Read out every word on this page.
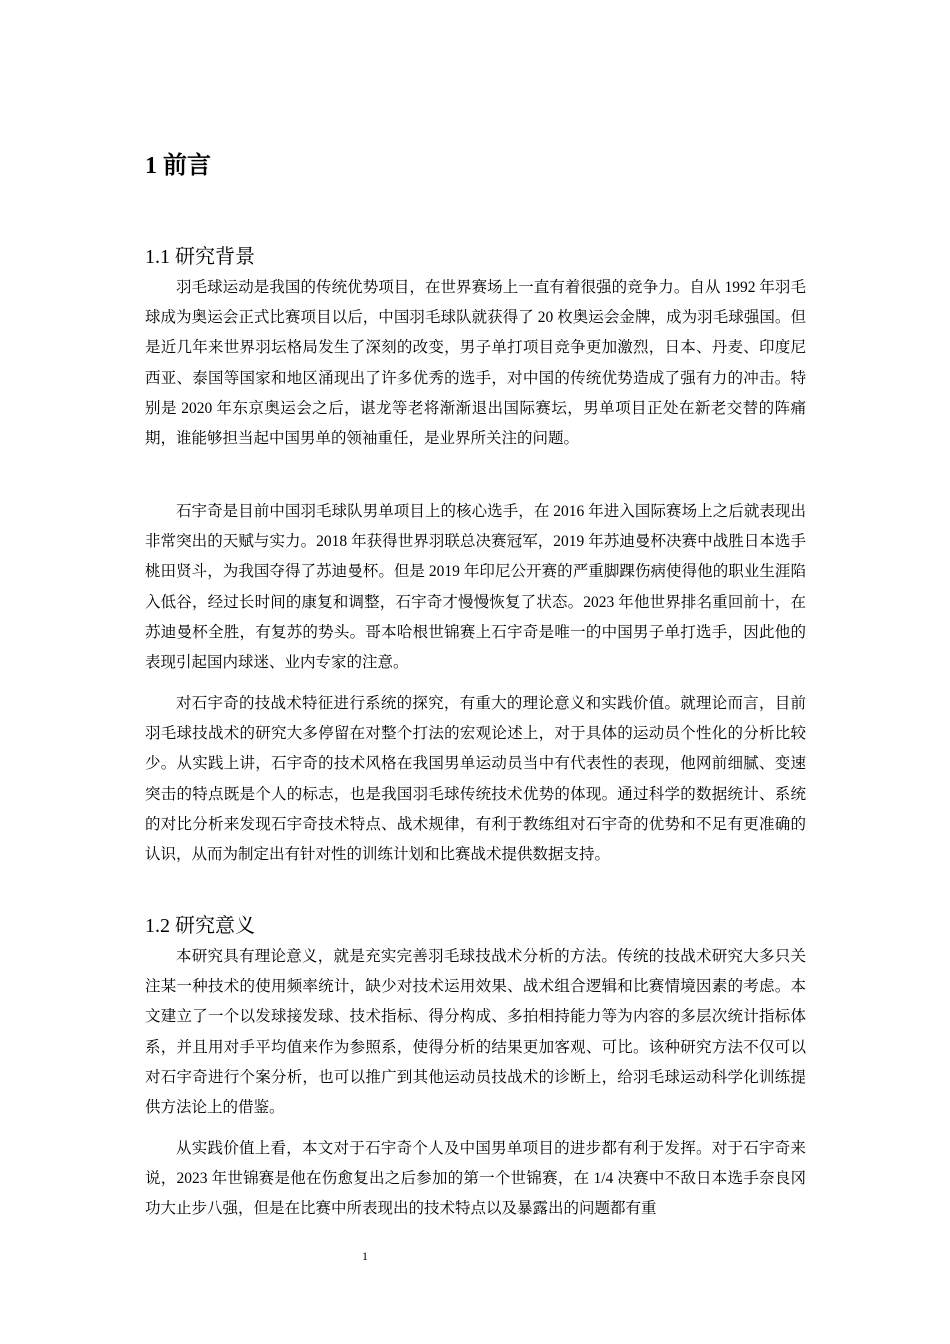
1 前言
1.1 研究背景

羽毛球运动是我国的传统优势项目，在世界赛场上一直有着很强的竞争力。自从 1992 年羽毛球成为奥运会正式比赛项目以后，中国羽毛球队就获得了 20 枚奥运会金牌，成为羽毛球强国。但是近几年来世界羽坛格局发生了深刻的改变，男子单打项目竞争更加激烈，日本、丹麦、印度尼西亚、泰国等国家和地区涌现出了许多优秀的选手，对中国的传统优势造成了强有力的冲击。特别是 2020 年东京奥运会之后，谌龙等老将渐渐退出国际赛坛，男单项目正处在新老交替的阵痛期，谁能够担当起中国男单的领袖重任，是业界所关注的问题。

石宇奇是目前中国羽毛球队男单项目上的核心选手，在 2016 年进入国际赛场上之后就表现出非常突出的天赋与实力。2018 年获得世界羽联总决赛冠军，2019 年苏迪曼杯决赛中战胜日本选手桃田贤斗，为我国夺得了苏迪曼杯。但是 2019 年印尼公开赛的严重脚踝伤病使得他的职业生涯陷入低谷，经过长时间的康复和调整，石宇奇才慢慢恢复了状态。2023 年他世界排名重回前十，在苏迪曼杯全胜，有复苏的势头。哥本哈根世锦赛上石宇奇是唯一的中国男子单打选手，因此他的表现引起国内球迷、业内专家的注意。

对石宇奇的技战术特征进行系统的探究，有重大的理论意义和实践价值。就理论而言，目前羽毛球技战术的研究大多停留在对整个打法的宏观论述上，对于具体的运动员个性化的分析比较少。从实践上讲，石宇奇的技术风格在我国男单运动员当中有代表性的表现，他网前细腻、变速突击的特点既是个人的标志，也是我国羽毛球传统技术优势的体现。通过科学的数据统计、系统的对比分析来发现石宇奇技术特点、战术规律，有利于教练组对石宇奇的优势和不足有更准确的认识，从而为制定出有针对性的训练计划和比赛战术提供数据支持。

1.2 研究意义

本研究具有理论意义，就是充实完善羽毛球技战术分析的方法。传统的技战术研究大多只关注某一种技术的使用频率统计，缺少对技术运用效果、战术组合逻辑和比赛情境因素的考虑。本文建立了一个以发球接发球、技术指标、得分构成、多拍相持能力等为内容的多层次统计指标体系，并且用对手平均值来作为参照系，使得分析的结果更加客观、可比。该种研究方法不仅可以对石宇奇进行个案分析，也可以推广到其他运动员技战术的诊断上，给羽毛球运动科学化训练提供方法论上的借鉴。

从实践价值上看，本文对于石宇奇个人及中国男单项目的进步都有利于发挥。对于石宇奇来说，2023 年世锦赛是他在伤愈复出之后参加的第一个世锦赛，在 1/4 决赛中不敌日本选手奈良冈功大止步八强，但是在比赛中所表现出的技术特点以及暴露出的问题都有重

1
